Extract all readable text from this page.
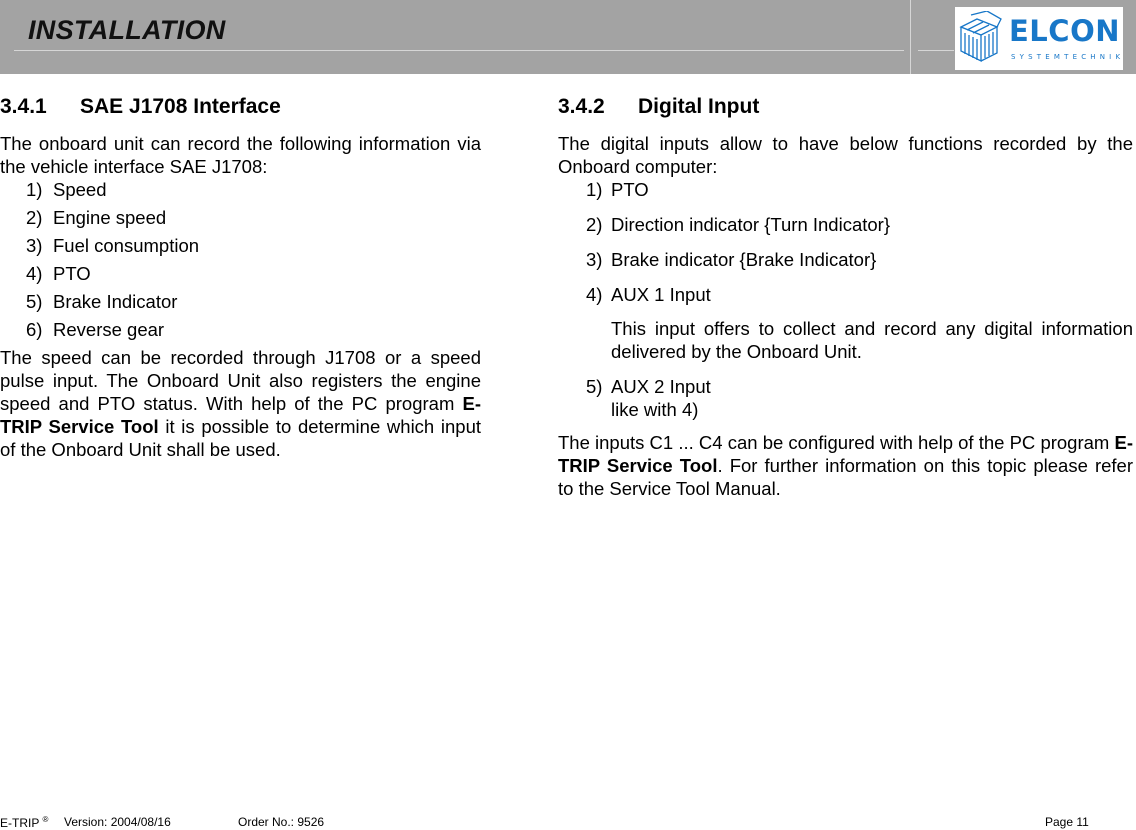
INSTALLATION	ELCON
SYSTEMTECHNIK
3.4.1 SAE J1708 Interface

The onboard unit can record the following information via the vehicle interface SAE J1708:

1) Speed
2) Engine speed
3) Fuel consumption
4) PTO
5) Brake Indicator
6) Reverse gear

The speed can be recorded through J1708 or a speed pulse input. The Onboard Unit also registers the engine speed and PTO status. With help of the PC program E-TRIP Service Tool it is possible to determine which input of the Onboard Unit shall be used.

3.4.2 Digital Input

The digital inputs allow to have below functions recorded by the Onboard computer:

1) PTO
2) Direction indicator {Turn Indicator}
3) Brake indicator {Brake Indicator}
4) AUX 1 Input
This input offers to collect and record any digital information delivered by the Onboard Unit.
5) AUX 2 Input
like with 4)

The inputs C1 ... C4 can be configured with help of the PC program E-TRIP Service Tool. For further information on this topic please refer to the Service Tool Manual.

E-TRIP ® Version: 2004/08/16	Order No.: 9526	Page 11
